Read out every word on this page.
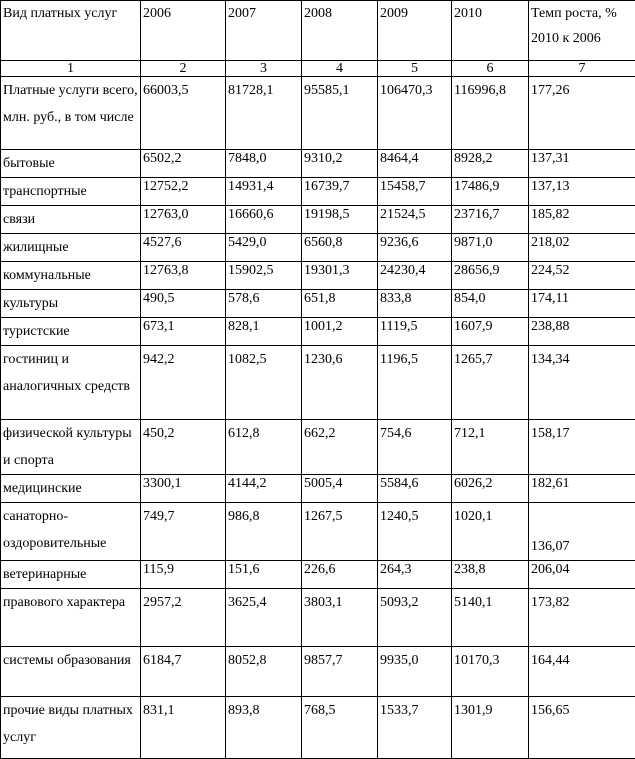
Вид платных услуг	2006	2007	2008	2009	2010	Темп роста, %
2010 к 2006
1	2	3	4	5	6	7
Платные услуги всего, млн. руб., в том числе	66003,5	81728,1	95585,1	106470,3	116996,8	177,26
бытовые	6502,2	7848,0	9310,2	8464,4	8928,2	137,31
транспортные	12752,2	14931,4	16739,7	15458,7	17486,9	137,13
связи	12763,0	16660,6	19198,5	21524,5	23716,7	185,82
жилищные	4527,6	5429,0	6560,8	9236,6	9871,0	218,02
коммунальные	12763,8	15902,5	19301,3	24230,4	28656,9	224,52
культуры	490,5	578,6	651,8	833,8	854,0	174,11
туристские	673,1	828,1	1001,2	1119,5	1607,9	238,88
гостиниц и аналогичных средств	942,2	1082,5	1230,6	1196,5	1265,7	134,34
физической культуры и спорта	450,2	612,8	662,2	754,6	712,1	158,17
медицинские	3300,1	4144,2	5005,4	5584,6	6026,2	182,61
санаторно-оздоровительные	749,7	986,8	1267,5	1240,5	1020,1	136,07
ветеринарные	115,9	151,6	226,6	264,3	238,8	206,04
правового характера	2957,2	3625,4	3803,1	5093,2	5140,1	173,82
системы образования	6184,7	8052,8	9857,7	9935,0	10170,3	164,44
прочие виды платных услуг	831,1	893,8	768,5	1533,7	1301,9	156,65
